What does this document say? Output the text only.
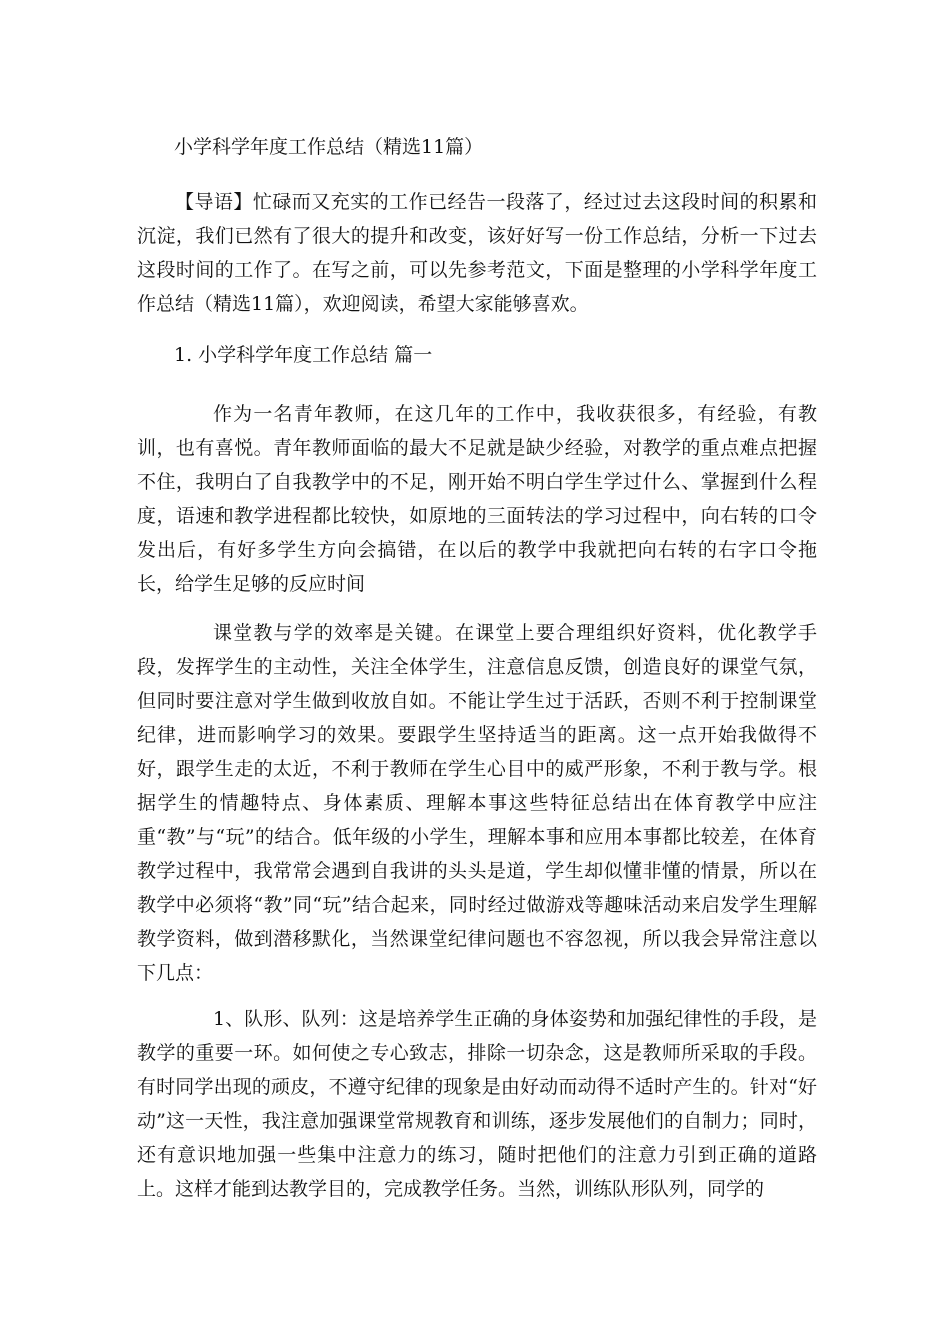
小学科学年度工作总结（精选11篇）

【导语】忙碌而又充实的工作已经告一段落了，经过过去这段时间的积累和沉淀，我们已然有了很大的提升和改变，该好好写一份工作总结，分析一下过去这段时间的工作了。在写之前，可以先参考范文，下面是整理的小学科学年度工作总结（精选11篇），欢迎阅读，希望大家能够喜欢。

1. 小学科学年度工作总结 篇一

作为一名青年教师，在这几年的工作中，我收获很多，有经验，有教训，也有喜悦。青年教师面临的最大不足就是缺少经验，对教学的重点难点把握不住，我明白了自我教学中的不足，刚开始不明白学生学过什么、掌握到什么程度，语速和教学进程都比较快，如原地的三面转法的学习过程中，向右转的口令发出后，有好多学生方向会搞错，在以后的教学中我就把向右转的右字口令拖长，给学生足够的反应时间

课堂教与学的效率是关键。在课堂上要合理组织好资料，优化教学手段，发挥学生的主动性，关注全体学生，注意信息反馈，创造良好的课堂气氛，但同时要注意对学生做到收放自如。不能让学生过于活跃，否则不利于控制课堂纪律，进而影响学习的效果。要跟学生坚持适当的距离。这一点开始我做得不好，跟学生走的太近，不利于教师在学生心目中的威严形象，不利于教与学。根据学生的情趣特点、身体素质、理解本事这些特征总结出在体育教学中应注重“教”与“玩”的结合。低年级的小学生，理解本事和应用本事都比较差，在体育教学过程中，我常常会遇到自我讲的头头是道，学生却似懂非懂的情景，所以在教学中必须将“教”同“玩”结合起来，同时经过做游戏等趣味活动来启发学生理解教学资料，做到潜移默化，当然课堂纪律问题也不容忽视，所以我会异常注意以下几点：

1、队形、队列：这是培养学生正确的身体姿势和加强纪律性的手段，是教学的重要一环。如何使之专心致志，排除一切杂念，这是教师所采取的手段。有时同学出现的顽皮，不遵守纪律的现象是由好动而动得不适时产生的。针对“好动”这一天性，我注意加强课堂常规教育和训练，逐步发展他们的自制力；同时，还有意识地加强一些集中注意力的练习，随时把他们的注意力引到正确的道路上。这样才能到达教学目的，完成教学任务。当然，训练队形队列，同学的
